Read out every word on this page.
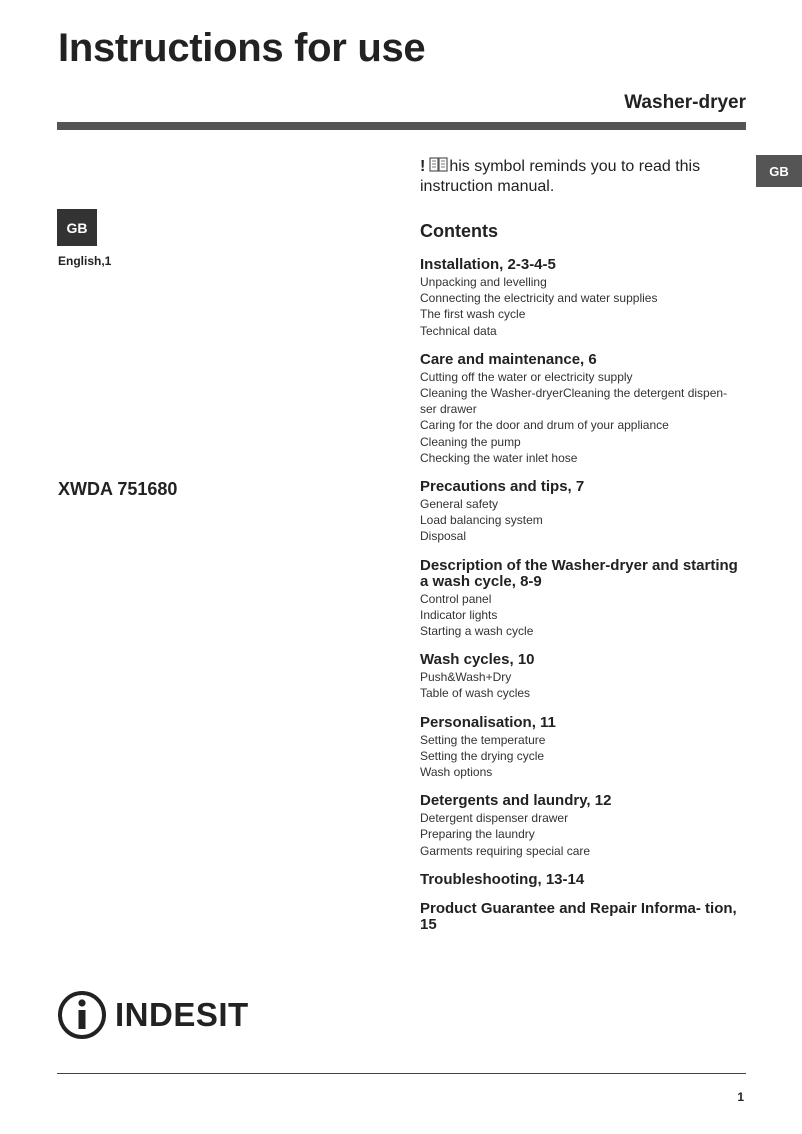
Instructions for use
Washer-dryer
GB
GB
English,1
XWDA 751680
! his symbol reminds you to read this instruction manual.
Contents
Installation, 2-3-4-5
Unpacking and levelling
Connecting the electricity and water supplies
The first wash cycle
Technical data
Care and maintenance, 6
Cutting off the water or electricity supply
Cleaning the Washer-dryerCleaning the detergent dispen-
ser drawer
Caring for the door and drum of your appliance
Cleaning the pump
Checking the water inlet hose
Precautions and tips, 7
General safety
Load balancing system
Disposal
Description of the Washer-dryer and starting a wash cycle, 8-9
Control panel
Indicator lights
Starting a wash cycle
Wash cycles, 10
Push&Wash+Dry
Table of wash cycles
Personalisation, 11
Setting the temperature
Setting the drying cycle
Wash options
Detergents and laundry, 12
Detergent dispenser drawer
Preparing the laundry
Garments requiring special care
Troubleshooting, 13-14
Product Guarantee and Repair Informa- tion, 15
INDESIT
1
